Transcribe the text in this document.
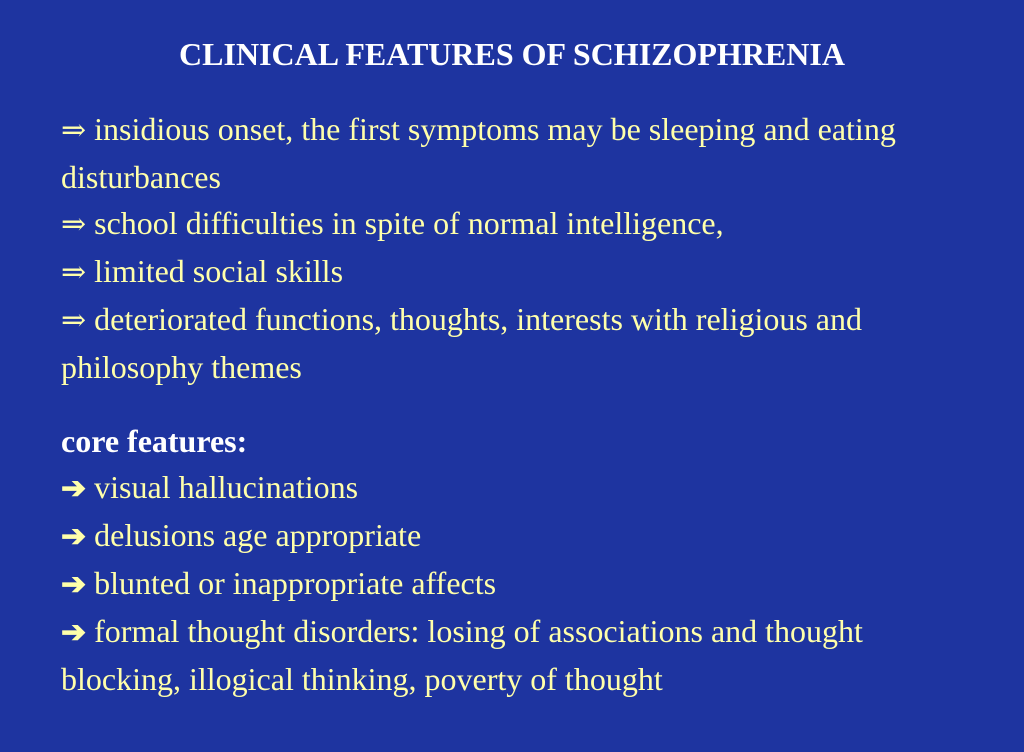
CLINICAL FEATURES OF SCHIZOPHRENIA

⇒ insidious onset, the first symptoms may be sleeping and eating disturbances

⇒ school difficulties in spite of normal intelligence,

⇒ limited social skills

⇒ deteriorated functions, thoughts, interests with religious and philosophy themes

core features:

➔ visual hallucinations

➔ delusions age appropriate

➔ blunted or inappropriate affects

➔ formal thought disorders: losing of associations and thought blocking, illogical thinking, poverty of thought
